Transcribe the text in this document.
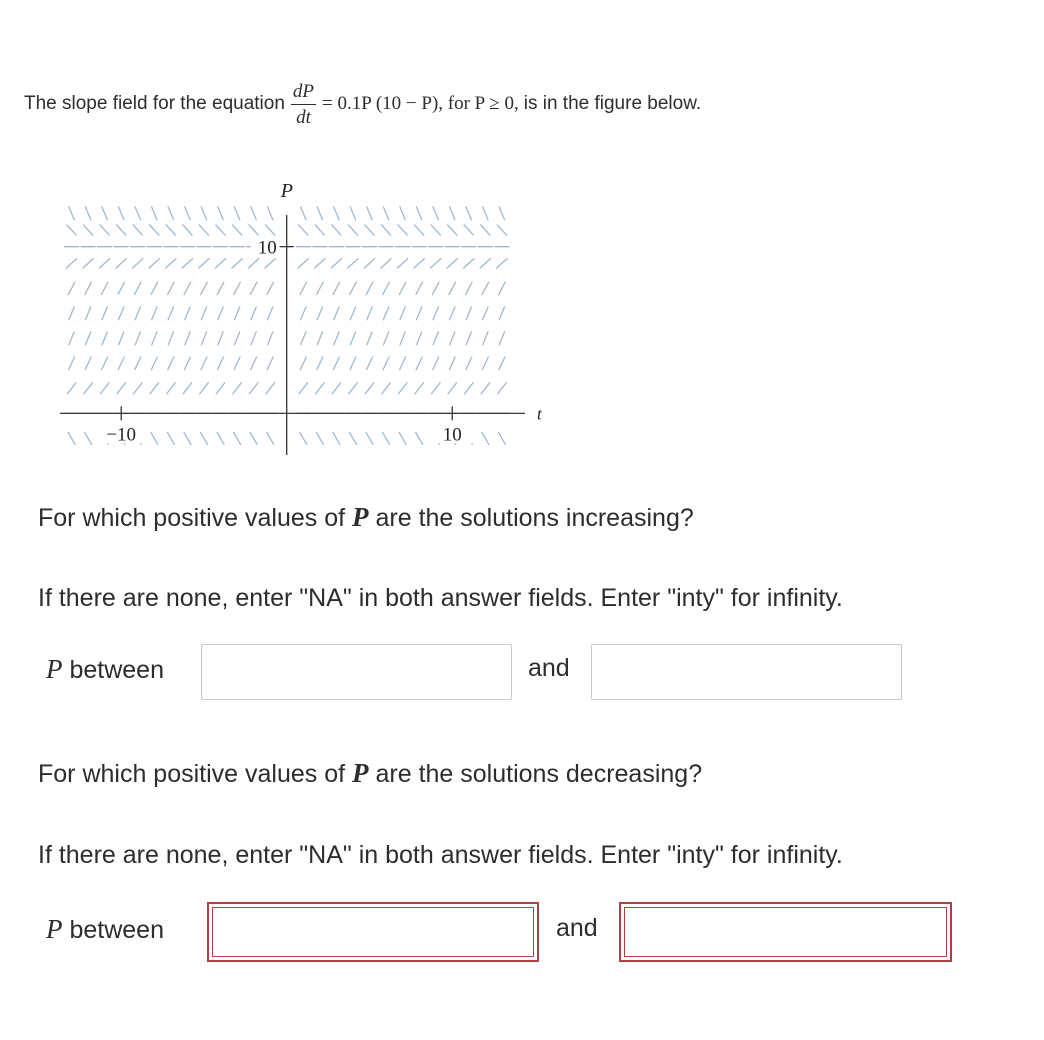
The slope field for the equation $\frac{dP}{dt} = 0.1P$ (10 − P), for P ≥ 0, is in the figure below.
t
P
−10	10
10
For which positive values of P are the solutions increasing?
If there are none, enter "NA" in both answer fields. Enter "inty" for infinity.
P between	and
For which positive values of P are the solutions decreasing?
If there are none, enter "NA" in both answer fields. Enter "inty" for infinity.
P between	and
